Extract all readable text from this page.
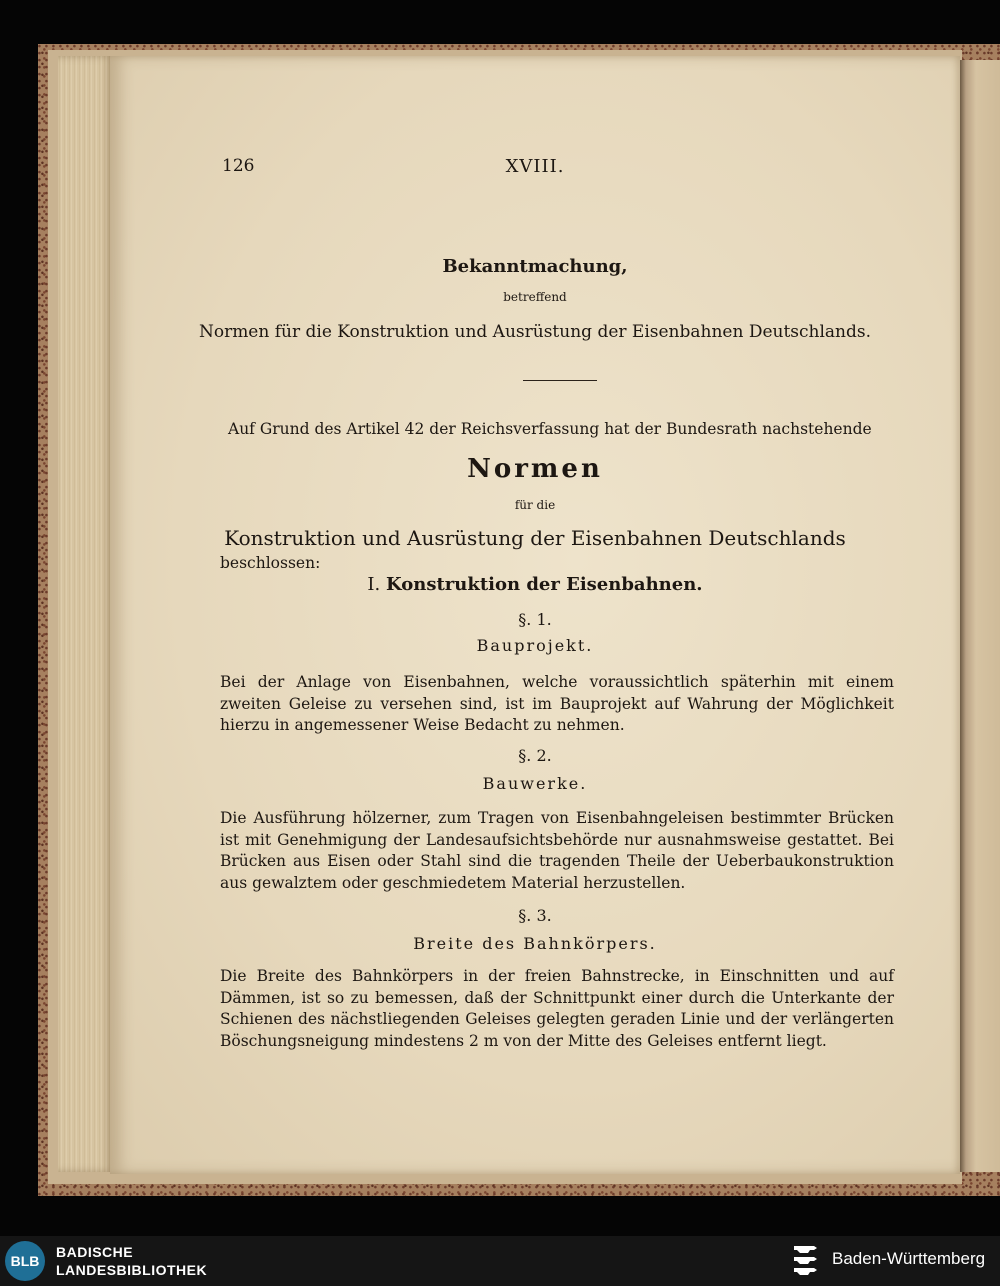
126	XVIII.
Bekanntmachung,
betreffend
Normen für die Konstruktion und Ausrüstung der Eisenbahnen Deutschlands.
Auf Grund des Artikel 42 der Reichsverfassung hat der Bundesrath nachstehende
Normen
für die
Konstruktion und Ausrüstung der Eisenbahnen Deutschlands
beschlossen:
I. Konstruktion der Eisenbahnen.
§. 1.
Bauprojekt.
Bei der Anlage von Eisenbahnen, welche voraussichtlich späterhin mit einem zweiten Geleise zu versehen sind, ist im Bauprojekt auf Wahrung der Möglichkeit hierzu in angemessener Weise Bedacht zu nehmen.
§. 2.
Bauwerke.
Die Ausführung hölzerner, zum Tragen von Eisenbahngeleisen bestimmter Brücken ist mit Genehmigung der Landesaufsichtsbehörde nur ausnahmsweise gestattet. Bei Brücken aus Eisen oder Stahl sind die tragenden Theile der Ueberbaukonstruktion aus gewalztem oder geschmiedetem Material herzustellen.
§. 3.
Breite des Bahnkörpers.
Die Breite des Bahnkörpers in der freien Bahnstrecke, in Einschnitten und auf Dämmen, ist so zu bemessen, daß der Schnittpunkt einer durch die Unterkante der Schienen des nächstliegenden Geleises gelegten geraden Linie und der verlängerten Böschungsneigung mindestens 2 m von der Mitte des Geleises entfernt liegt.
BLB
BADISCHE
LANDESBIBLIOTHEK
Baden-Württemberg
